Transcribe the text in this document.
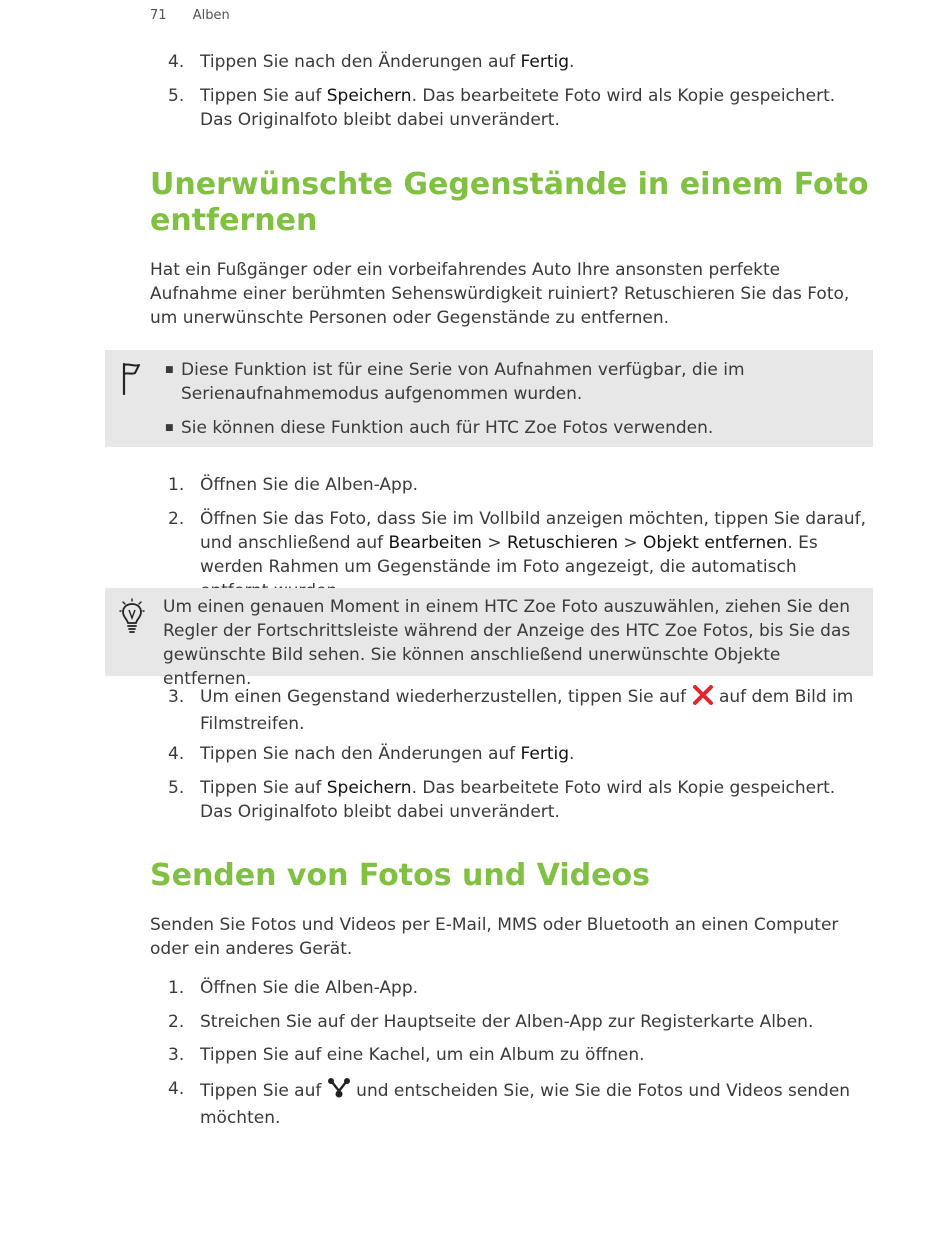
71 Alben
4. Tippen Sie nach den Änderungen auf Fertig.
5. Tippen Sie auf Speichern. Das bearbeitete Foto wird als Kopie gespeichert. Das Originalfoto bleibt dabei unverändert.
Unerwünschte Gegenstände in einem Foto entfernen
Hat ein Fußgänger oder ein vorbeifahrendes Auto Ihre ansonsten perfekte Aufnahme einer berühmten Sehenswürdigkeit ruiniert? Retuschieren Sie das Foto, um unerwünschte Personen oder Gegenstände zu entfernen.
■ Diese Funktion ist für eine Serie von Aufnahmen verfügbar, die im Serienaufnahmemodus aufgenommen wurden.
■ Sie können diese Funktion auch für HTC Zoe Fotos verwenden.
1. Öffnen Sie die Alben-App.
2. Öffnen Sie das Foto, dass Sie im Vollbild anzeigen möchten, tippen Sie darauf, und anschließend auf Bearbeiten > Retuschieren > Objekt entfernen. Es werden Rahmen um Gegenstände im Foto angezeigt, die automatisch
Um einen genauen Moment in einem HTC Zoe Foto auszuwählen, ziehen Sie den Regler der Fortschrittsleiste während der Anzeige des HTC Zoe Fotos, bis Sie das gewünschte Bild sehen. Sie können anschließend unerwünschte Objekte entfernen.
3. Um einen Gegenstand wiederherzustellen, tippen Sie auf  auf dem Bild im Filmstreifen.
4. Tippen Sie nach den Änderungen auf Fertig.
5. Tippen Sie auf Speichern. Das bearbeitete Foto wird als Kopie gespeichert. Das Originalfoto bleibt dabei unverändert.
Senden von Fotos und Videos
Senden Sie Fotos und Videos per E-Mail, MMS oder Bluetooth an einen Computer oder ein anderes Gerät.
1. Öffnen Sie die Alben-App.
2. Streichen Sie auf der Hauptseite der Alben-App zur Registerkarte Alben.
3. Tippen Sie auf eine Kachel, um ein Album zu öffnen.
4. Tippen Sie auf  und entscheiden Sie, wie Sie die Fotos und Videos senden möchten.
